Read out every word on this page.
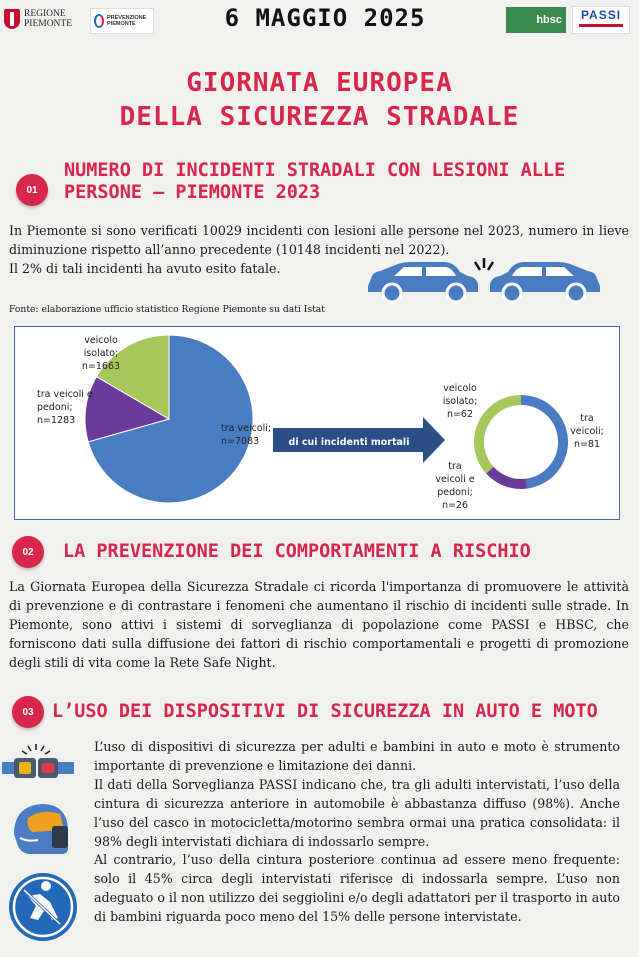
REGIONE
PIEMONTE
PREVENZIONE
PIEMONTE	6 MAGGIO 2025	hbsc	PASSI
GIORNATA EUROPEA
DELLA SICUREZZA STRADALE
01
NUMERO DI INCIDENTI STRADALI CON LESIONI ALLE
PERSONE – PIEMONTE 2023
In Piemonte si sono verificati 10029 incidenti con lesioni alle persone nel 2023, numero in lieve diminuzione rispetto all’anno precedente (10148 incidenti nel 2022).
Il 2% di tali incidenti ha avuto esito fatale.
Fonte: elaborazione ufficio statistico Regione Piemonte su dati Istat
tra veicoli; n=7083
tra veicoli e pedoni; n=1283
veicolo isolato; n=1663
di cui incidenti mortali
tra veicoli; n=81
tra veicoli e pedoni; n=26
veicolo isolato; n=62
02	LA PREVENZIONE DEI COMPORTAMENTI A RISCHIO
La Giornata Europea della Sicurezza Stradale ci ricorda l'importanza di promuovere le attività di prevenzione e di contrastare i fenomeni che aumentano il rischio di incidenti sulle strade. In Piemonte, sono attivi i sistemi di sorveglianza di popolazione come PASSI e HBSC, che forniscono dati sulla diffusione dei fattori di rischio comportamentali e progetti di promozione degli stili di vita come la Rete Safe Night.
03 L’USO DEI DISPOSITIVI DI SICUREZZA IN AUTO E MOTO
L’uso di dispositivi di sicurezza per adulti e bambini in auto e moto è strumento importante di prevenzione e limitazione dei danni.
Il dati della Sorveglianza PASSI indicano che, tra gli adulti intervistati, l’uso della cintura di sicurezza anteriore in automobile è abbastanza diffuso (98%). Anche l’uso del casco in motocicletta/motorino sembra ormai una pratica consolidata: il 98% degli intervistati dichiara di indossarlo sempre.
Al contrario, l’uso della cintura posteriore continua ad essere meno frequente: solo il 45% circa degli intervistati riferisce di indossarla sempre. L’uso non adeguato o il non utilizzo dei seggiolini e/o degli adattatori per il trasporto in auto di bambini riguarda poco meno del 15% delle persone intervistate.
